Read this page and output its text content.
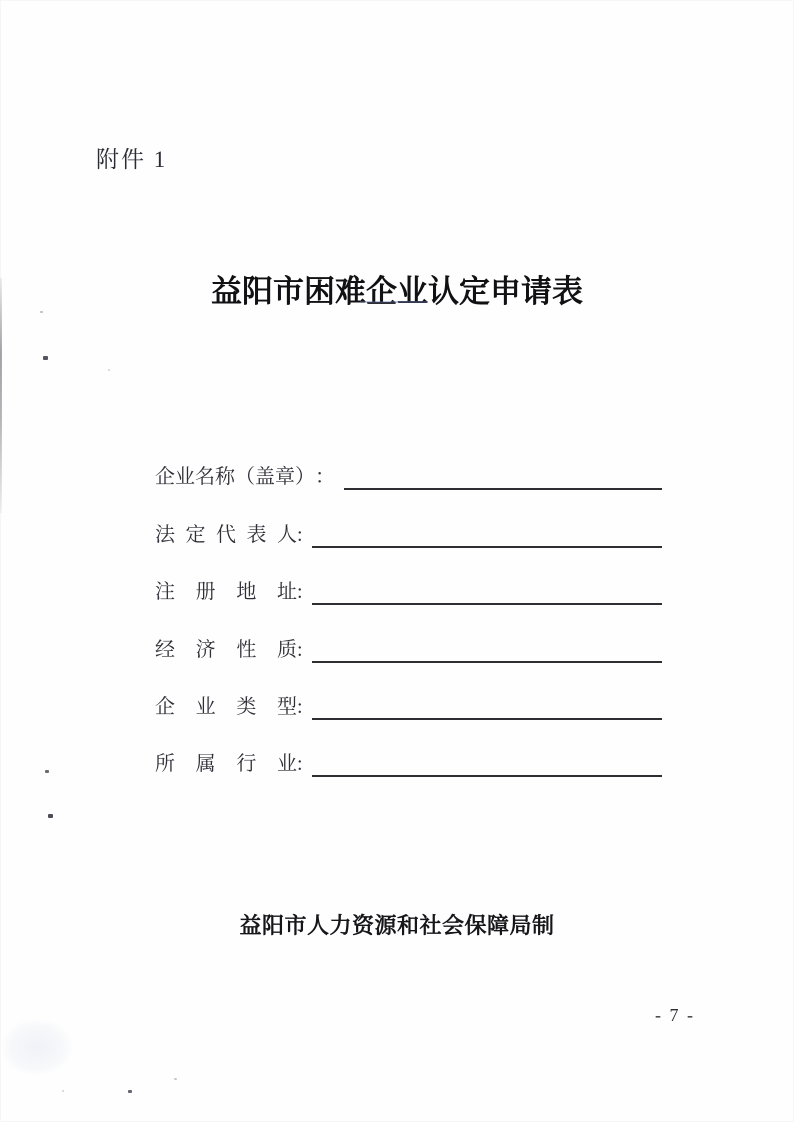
附件 1
益阳市困难企业认定申请表
企业名称（盖章） ：
法定代表人 :
注册地址 :
经济性质 :
企业类型 :
所属行业 :
益阳市人力资源和社会保障局制
- 7 -
